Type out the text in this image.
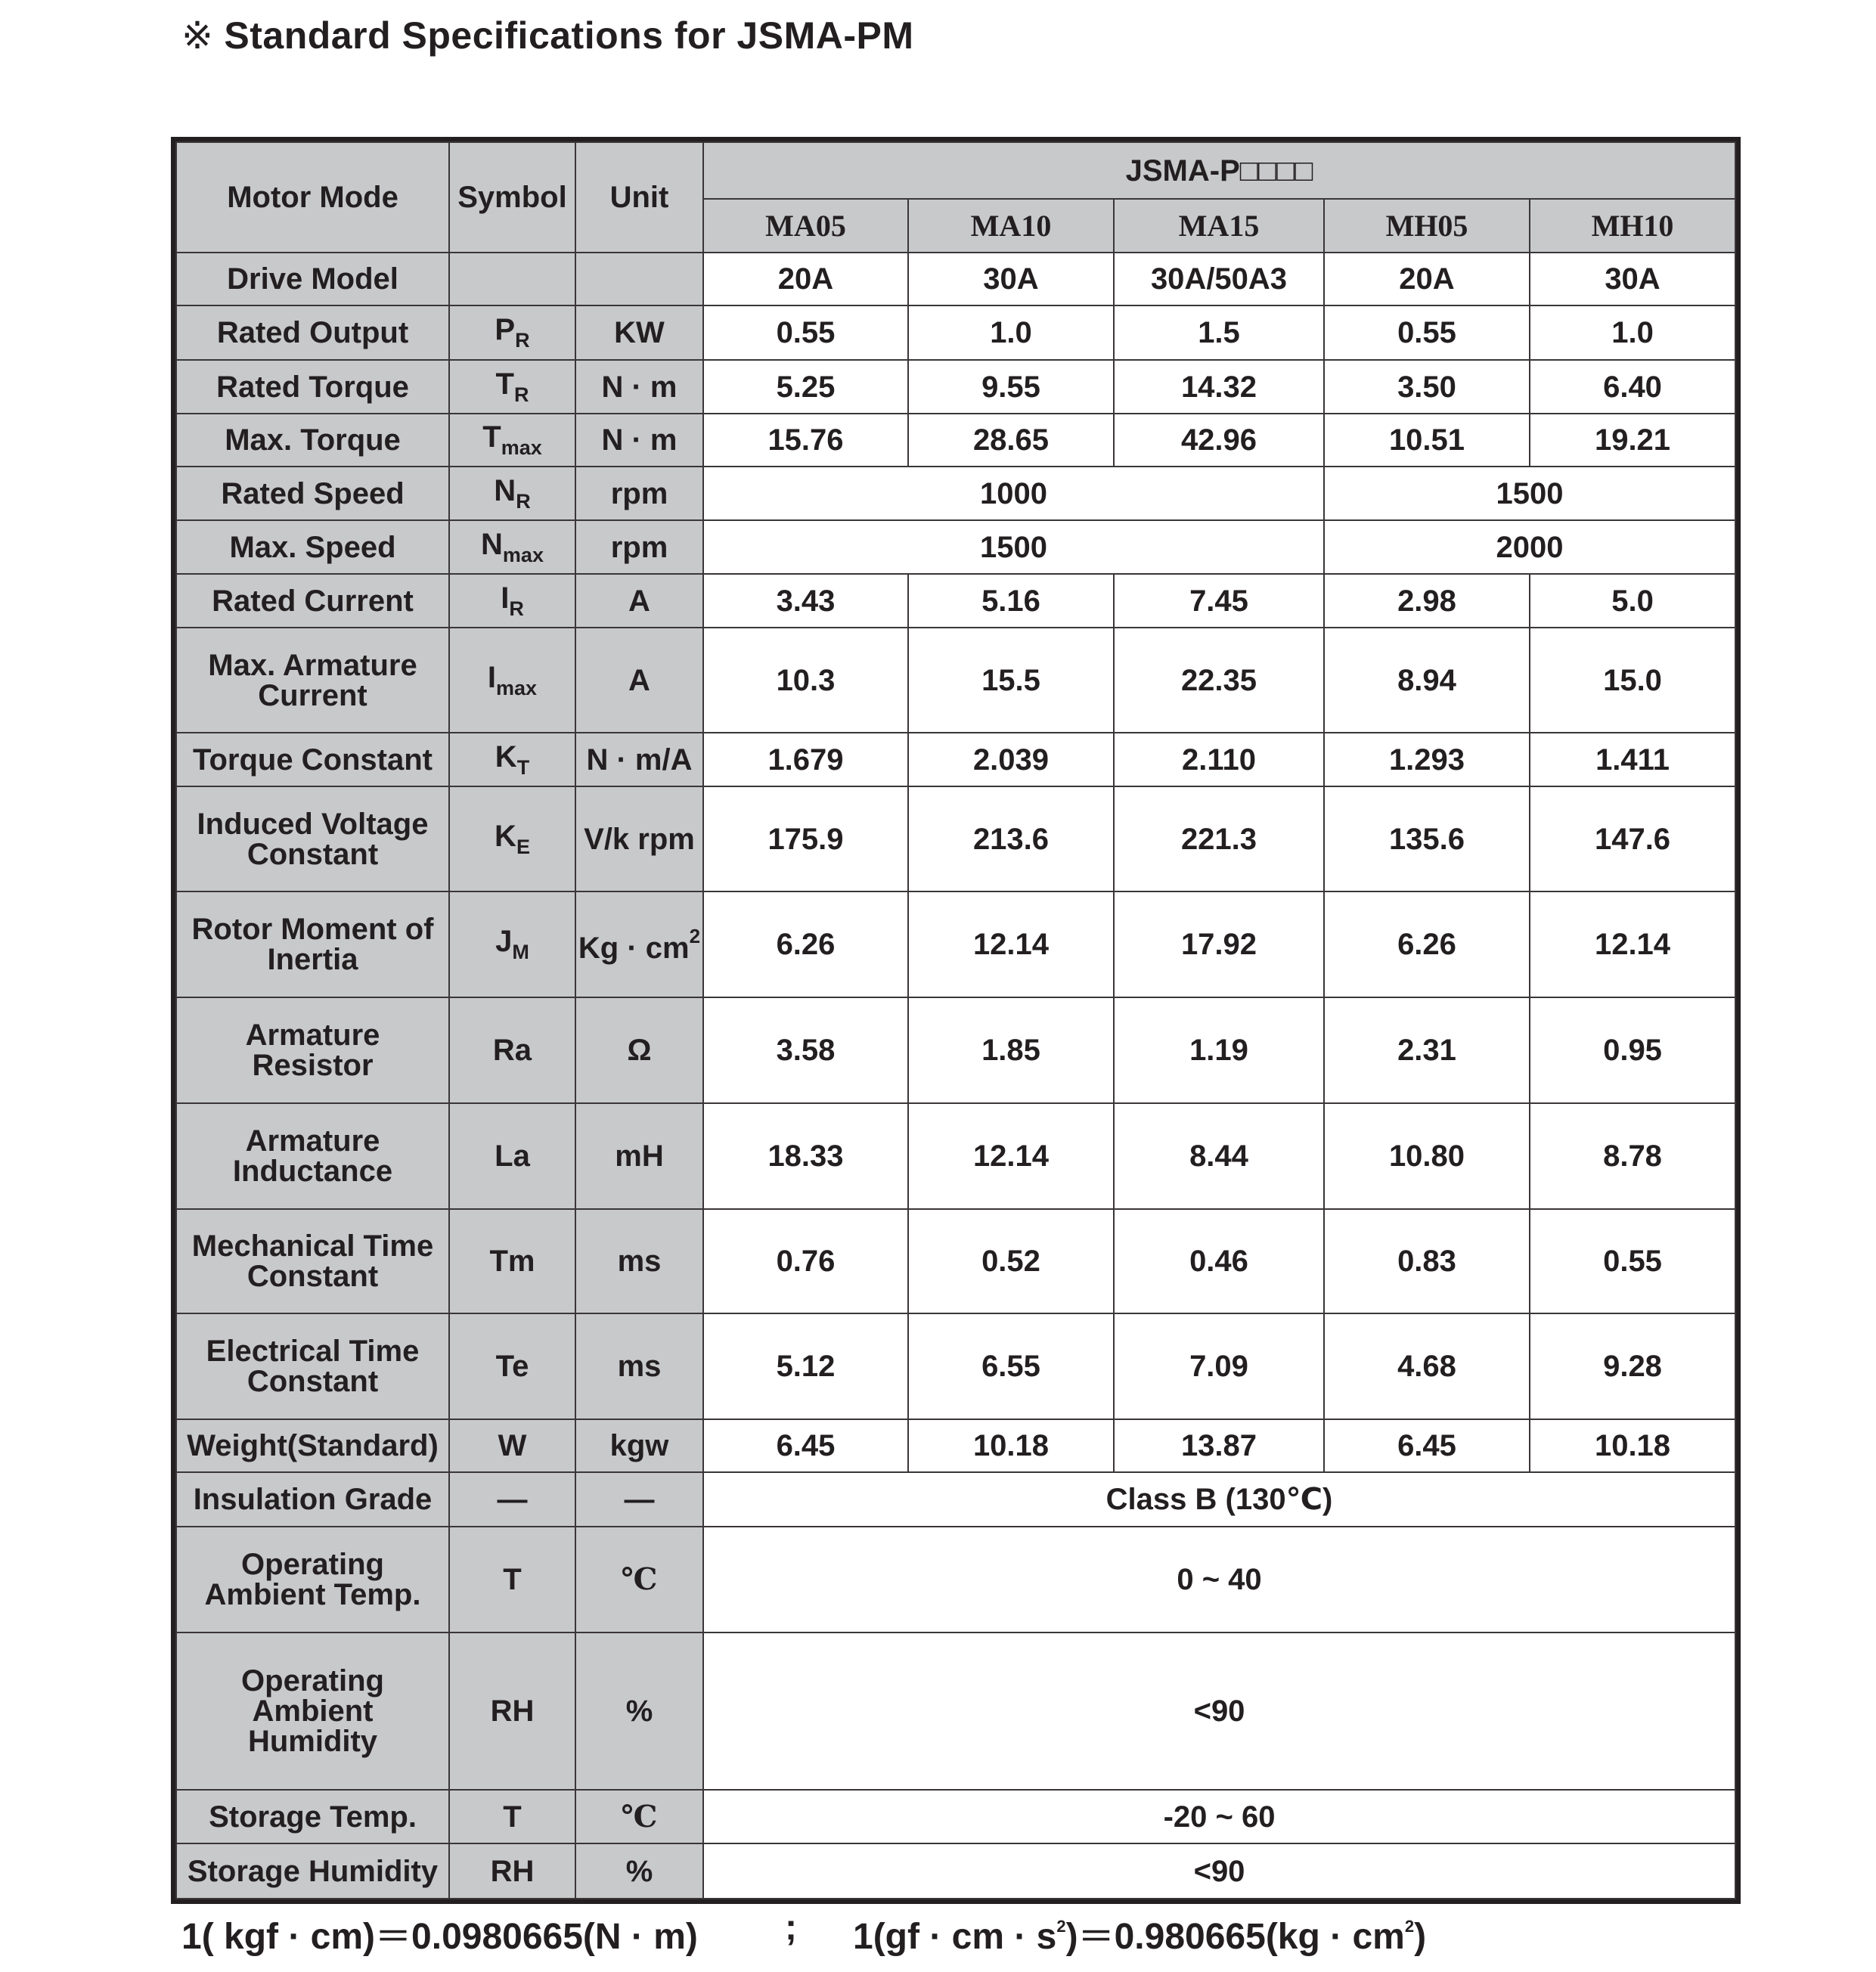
※ Standard Specifications for JSMA-PM
Motor Mode	Symbol	Unit	JSMA-P□□□□				
			MA05	MA10	MA15	MH05	MH10
Drive Model			20A	30A	30A/50A3	20A	30A
Rated Output	$P_R$	KW	0.55	1.0	1.5	0.55	1.0
Rated Torque	$T_R$	N · m	5.25	9.55	14.32	3.50	6.40
Max. Torque	$T_{max}$	N · m	15.76	28.65	42.96	10.51	19.21
Rated Speed	$N_R$	rpm	1000			1500	
Max. Speed	$N_{max}$	rpm	1500			2000	
Rated Current	$I_R$	A	3.43	5.16	7.45	2.98	5.0

Max. Armature
Current	$I_{max}$	A	10.3	15.5	22.35	8.94	15.0
Torque Constant	$K_T$	N · m/A	1.679	2.039	2.110	1.293	1.411

Induced Voltage
Constant	$K_E$	V/k rpm	175.9	213.6	221.3	135.6	147.6

Rotor Moment of
Inertia	$J_M$	$Kg \cdot cm^2$	6.26	12.14	17.92	6.26	12.14

Armature
Resistor	Ra	Ω	3.58	1.85	1.19	2.31	0.95

Armature
Inductance	La	mH	18.33	12.14	8.44	10.80	8.78

Mechanical Time
Constant	Tm	ms	0.76	0.52	0.46	0.83	0.55

Electrical Time
Constant	Te	ms	5.12	6.55	7.09	4.68	9.28
Weight(Standard)	W	kgw	6.45	10.18	13.87	6.45	10.18
Insulation Grade	—	—	Class B (130℃)				

Operating
Ambient Temp.	T	℃	0 ~ 40				

Operating
Ambient
Humidity	RH	%	<90				
Storage Temp.	T	℃	-20 ~ 60				
Storage Humidity	RH	%	<90				
1( kgf · cm)＝0.0980665(N · m) ; 1(gf · cm · $s^2)=0.980665(kg \cdot cm^2)$
